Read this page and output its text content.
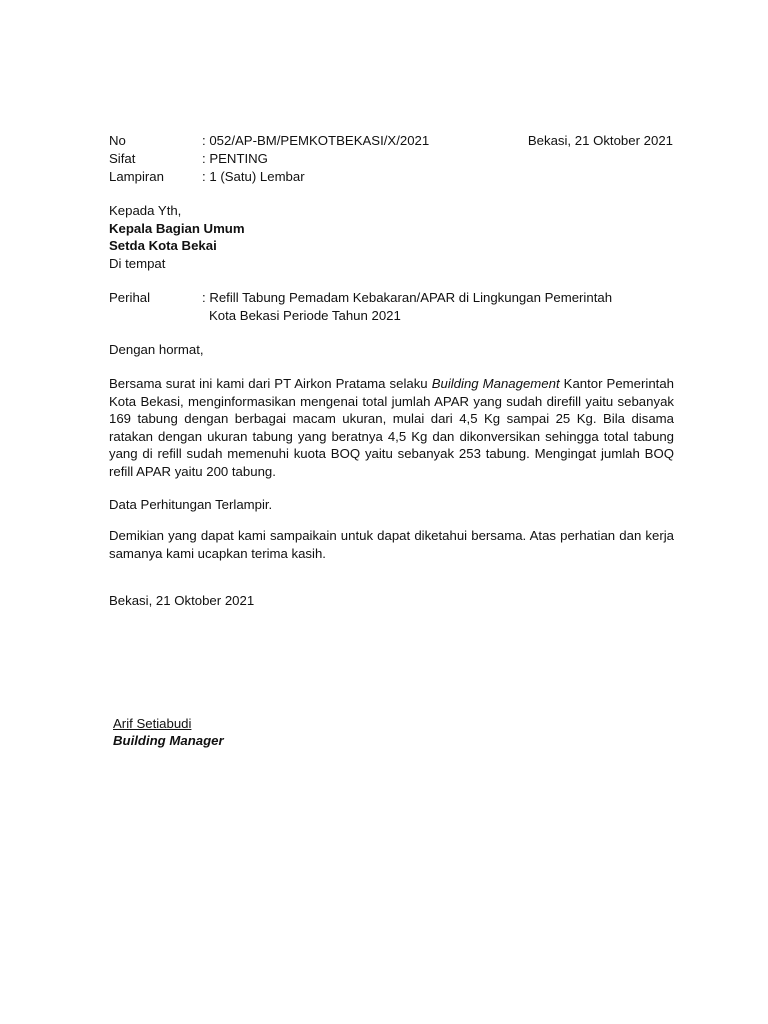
No	: 052/AP-BM/PEMKOTBEKASI/X/2021	Bekasi, 21 Oktober 2021
Sifat	: PENTING
Lampiran	: 1 (Satu) Lembar
Kepada Yth,
Kepala Bagian Umum
Setda Kota Bekai
Di tempat
Perihal	: Refill Tabung Pemadam Kebakaran/APAR di Lingkungan Pemerintah
Kota Bekasi Periode Tahun 2021
Dengan hormat,
Bersama surat ini kami dari PT Airkon Pratama selaku Building Management Kantor Pemerintah Kota Bekasi, menginformasikan mengenai total jumlah APAR yang sudah direfill yaitu sebanyak 169 tabung dengan berbagai macam ukuran, mulai dari 4,5 Kg sampai 25 Kg. Bila disama ratakan dengan ukuran tabung yang beratnya 4,5 Kg dan dikonversikan sehingga total tabung yang di refill sudah memenuhi kuota BOQ yaitu sebanyak 253 tabung. Mengingat jumlah BOQ refill APAR yaitu 200 tabung.
Data Perhitungan Terlampir.
Demikian yang dapat kami sampaikain untuk dapat diketahui bersama. Atas perhatian dan kerja samanya kami ucapkan terima kasih.
Bekasi, 21 Oktober 2021
Arif Setiabudi
Building Manager
